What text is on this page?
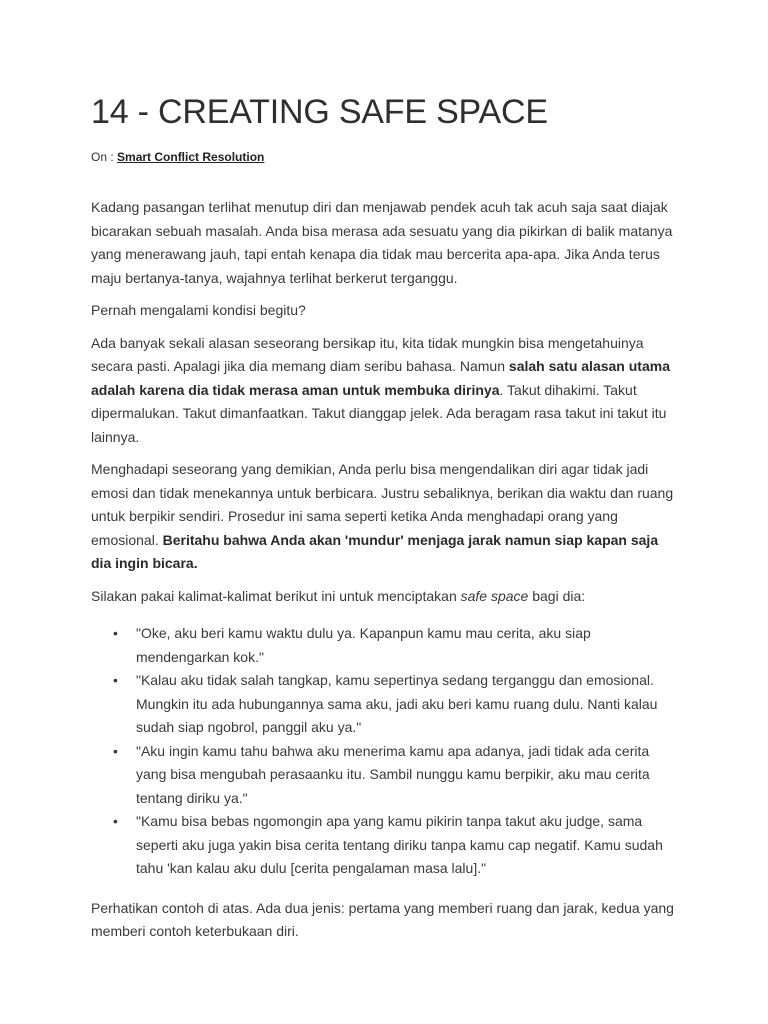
14 - CREATING SAFE SPACE
On : Smart Conflict Resolution

Kadang pasangan terlihat menutup diri dan menjawab pendek acuh tak acuh saja saat diajak bicarakan sebuah masalah. Anda bisa merasa ada sesuatu yang dia pikirkan di balik matanya yang menerawang jauh, tapi entah kenapa dia tidak mau bercerita apa-apa. Jika Anda terus maju bertanya-tanya, wajahnya terlihat berkerut terganggu.

Pernah mengalami kondisi begitu?

Ada banyak sekali alasan seseorang bersikap itu, kita tidak mungkin bisa mengetahuinya secara pasti. Apalagi jika dia memang diam seribu bahasa. Namun salah satu alasan utama adalah karena dia tidak merasa aman untuk membuka dirinya. Takut dihakimi. Takut dipermalukan. Takut dimanfaatkan. Takut dianggap jelek. Ada beragam rasa takut ini takut itu lainnya.

Menghadapi seseorang yang demikian, Anda perlu bisa mengendalikan diri agar tidak jadi emosi dan tidak menekannya untuk berbicara. Justru sebaliknya, berikan dia waktu dan ruang untuk berpikir sendiri. Prosedur ini sama seperti ketika Anda menghadapi orang yang emosional. Beritahu bahwa Anda akan 'mundur' menjaga jarak namun siap kapan saja dia ingin bicara.

Silakan pakai kalimat-kalimat berikut ini untuk menciptakan safe space bagi dia:

• "Oke, aku beri kamu waktu dulu ya. Kapanpun kamu mau cerita, aku siap mendengarkan kok."
• "Kalau aku tidak salah tangkap, kamu sepertinya sedang terganggu dan emosional. Mungkin itu ada hubungannya sama aku, jadi aku beri kamu ruang dulu. Nanti kalau sudah siap ngobrol, panggil aku ya."
• "Aku ingin kamu tahu bahwa aku menerima kamu apa adanya, jadi tidak ada cerita yang bisa mengubah perasaanku itu. Sambil nunggu kamu berpikir, aku mau cerita tentang diriku ya."
• "Kamu bisa bebas ngomongin apa yang kamu pikirin tanpa takut aku judge, sama seperti aku juga yakin bisa cerita tentang diriku tanpa kamu cap negatif. Kamu sudah tahu 'kan kalau aku dulu [cerita pengalaman masa lalu]."

Perhatikan contoh di atas. Ada dua jenis: pertama yang memberi ruang dan jarak, kedua yang memberi contoh keterbukaan diri.
